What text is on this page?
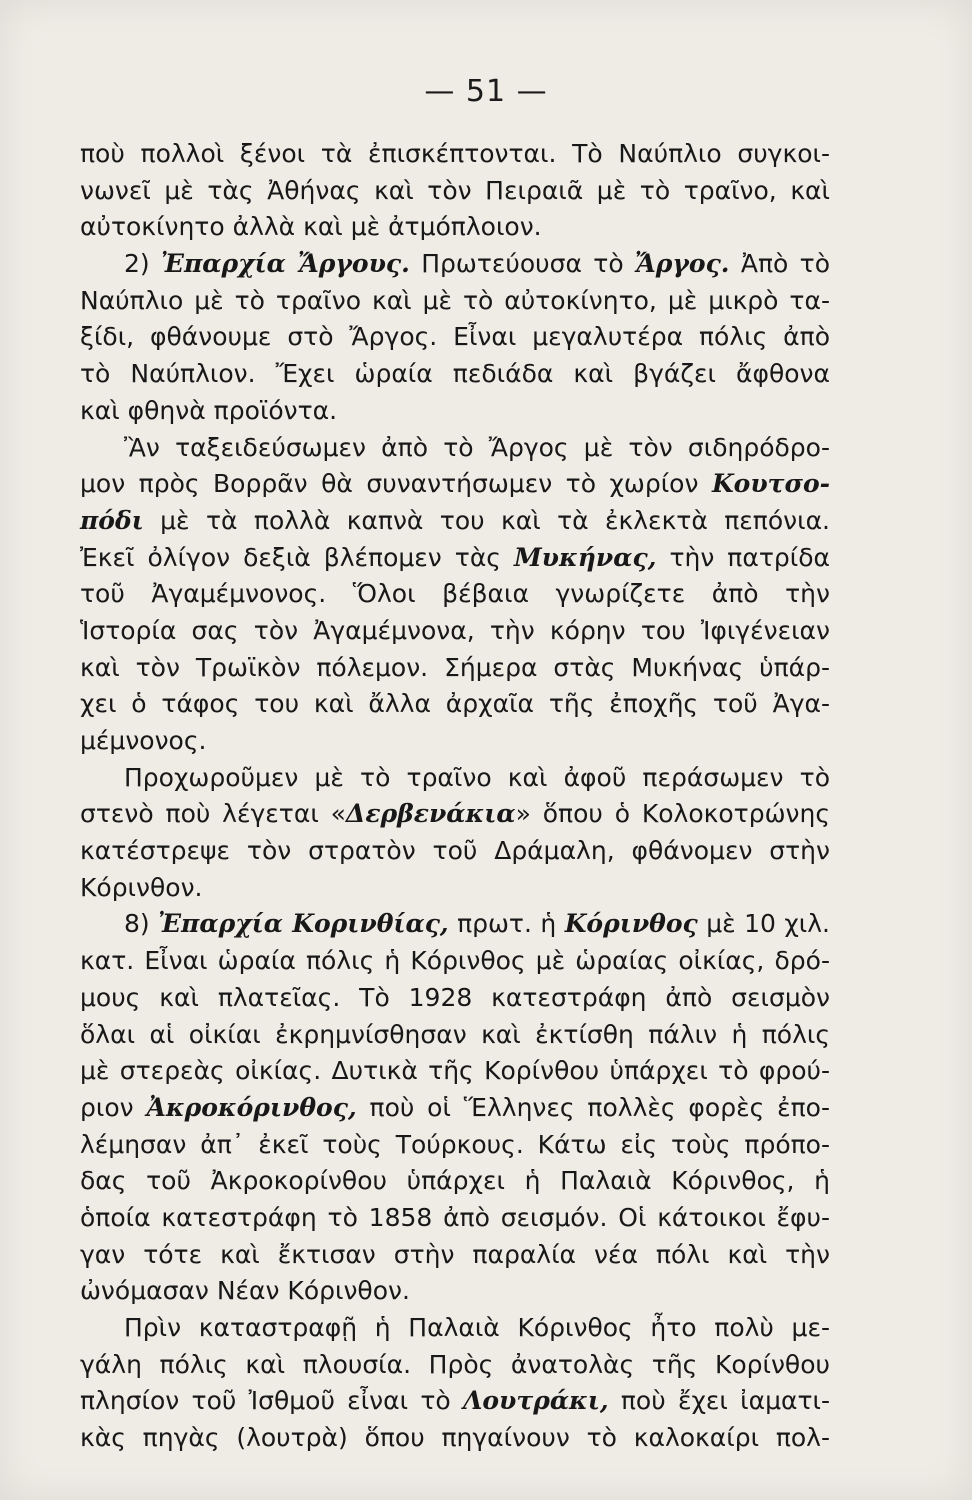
— 51 —
ποὺ πολλοὶ ξένοι τὰ ἐπισκέπτονται. Τὸ Ναύπλιο συγκοι-
νωνεῖ μὲ τὰς Ἀθήνας καὶ τὸν Πειραιᾶ μὲ τὸ τραῖνο, καὶ
αὐτοκίνητο ἀλλὰ καὶ μὲ ἀτμόπλοιον.
2) Ἐπαρχία Ἄργους. Πρωτεύουσα τὸ Ἄργος. Ἀπὸ τὸ
Ναύπλιο μὲ τὸ τραῖνο καὶ μὲ τὸ αὐτοκίνητο, μὲ μικρὸ τα-
ξίδι, φθάνουμε στὸ Ἄργος. Εἶναι μεγαλυτέρα πόλις ἀπὸ
τὸ Ναύπλιον. Ἔχει ὡραία πεδιάδα καὶ βγάζει ἄφθονα
καὶ φθηνὰ προϊόντα.
Ἂν ταξειδεύσωμεν ἀπὸ τὸ Ἄργος μὲ τὸν σιδηρόδρο-
μον πρὸς Βορρᾶν θὰ συναντήσωμεν τὸ χωρίον Κουτσο-
πόδι μὲ τὰ πολλὰ καπνὰ του καὶ τὰ ἐκλεκτὰ πεπόνια.
Ἐκεῖ ὀλίγον δεξιὰ βλέπομεν τὰς Μυκήνας, τὴν πατρίδα
τοῦ Ἀγαμέμνονος. Ὅλοι βέβαια γνωρίζετε ἀπὸ τὴν
Ἱστορία σας τὸν Ἀγαμέμνονα, τὴν κόρην του Ἰφιγένειαν
καὶ τὸν Τρωϊκὸν πόλεμον. Σήμερα στὰς Μυκήνας ὑπάρ-
χει ὁ τάφος του καὶ ἄλλα ἀρχαῖα τῆς ἐποχῆς τοῦ Ἀγα-
μέμνονος.
Προχωροῦμεν μὲ τὸ τραῖνο καὶ ἀφοῦ περάσωμεν τὸ
στενὸ ποὺ λέγεται «Δερβενάκια» ὅπου ὁ Κολοκοτρώνης
κατέστρεψε τὸν στρατὸν τοῦ Δράμαλη, φθάνομεν στὴν
Κόρινθον.
8) Ἐπαρχία Κορινθίας, πρωτ. ἡ Κόρινθος μὲ 10 χιλ.
κατ. Εἶναι ὡραία πόλις ἡ Κόρινθος μὲ ὡραίας οἰκίας, δρό-
μους καὶ πλατεῖας. Τὸ 1928 κατεστράφη ἀπὸ σεισμὸν
ὅλαι αἱ οἰκίαι ἐκρημνίσθησαν καὶ ἐκτίσθη πάλιν ἡ πόλις
μὲ στερεὰς οἰκίας. Δυτικὰ τῆς Κορίνθου ὑπάρχει τὸ φρού-
ριον Ἀκροκόρινθος, ποὺ οἱ Ἕλληνες πολλὲς φορὲς ἐπο-
λέμησαν ἀπ᾽ ἐκεῖ τοὺς Τούρκους. Κάτω εἰς τοὺς πρόπο-
δας τοῦ Ἀκροκορίνθου ὑπάρχει ἡ Παλαιὰ Κόρινθος, ἡ
ὁποία κατεστράφη τὸ 1858 ἀπὸ σεισμόν. Οἱ κάτοικοι ἔφυ-
γαν τότε καὶ ἔκτισαν στὴν παραλία νέα πόλι καὶ τὴν
ὠνόμασαν Νέαν Κόρινθον.
Πρὶν καταστραφῇ ἡ Παλαιὰ Κόρινθος ἦτο πολὺ με-
γάλη πόλις καὶ πλουσία. Πρὸς ἀνατολὰς τῆς Κορίνθου
πλησίον τοῦ Ἰσθμοῦ εἶναι τὸ Λουτράκι, ποὺ ἔχει ἰαματι-
κὰς πηγὰς (λουτρὰ) ὅπου πηγαίνουν τὸ καλοκαίρι πολ-
